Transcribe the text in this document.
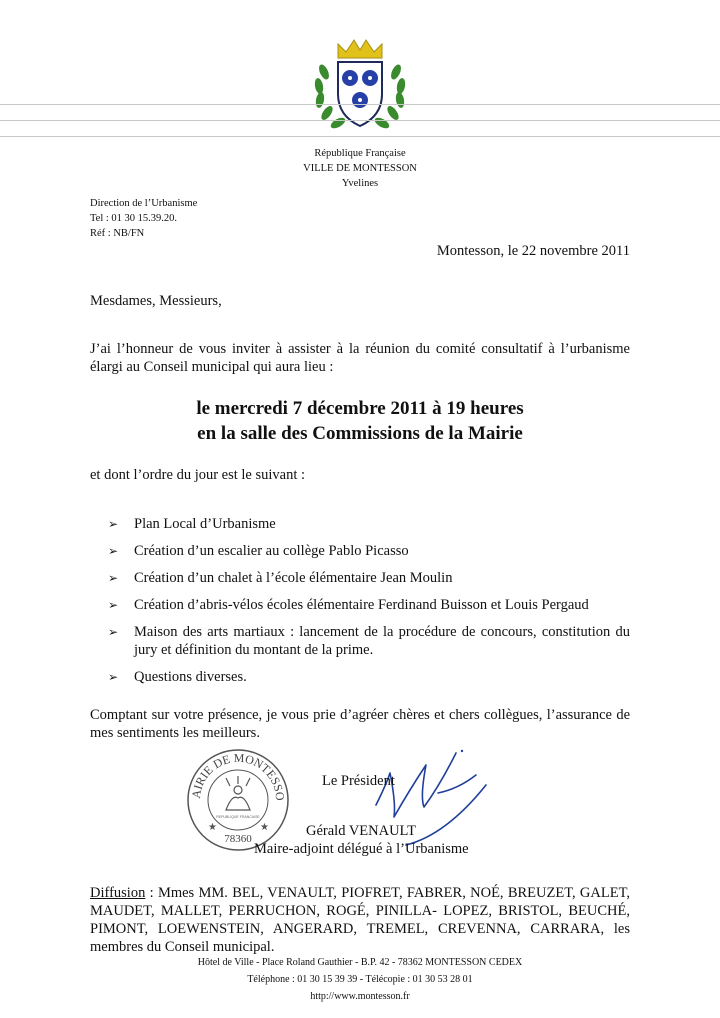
République Française
VILLE DE MONTESSON
Yvelines
Direction de l’Urbanisme
Tel : 01 30 15.39.20.
Réf : NB/FN
Montesson, le 22 novembre 2011
Mesdames, Messieurs,
J’ai l’honneur de vous inviter à assister à la réunion du comité consultatif à l’urbanisme élargi au Conseil municipal qui aura lieu :
le mercredi 7 décembre 2011 à 19 heures
en la salle des Commissions de la Mairie
et dont l’ordre du jour est le suivant :
➢ Plan Local d’Urbanisme
➢ Création d’un escalier au collège Pablo Picasso
➢ Création d’un chalet à l’école élémentaire Jean Moulin
➢ Création d’abris-vélos écoles élémentaire Ferdinand Buisson et Louis Pergaud
➢ Maison des arts martiaux : lancement de la procédure de concours, constitution du jury et définition du montant de la prime.
➢ Questions diverses.
Comptant sur votre présence, je vous prie d’agréer chères et chers collègues, l’assurance de mes sentiments les meilleurs.
AIRIE DE MONTESSO
78360
REPUBLIQUE FRANCAISE
★	★
Le Président
Gérald VENAULT
Maire-adjoint délégué à l’Urbanisme
Diffusion : Mmes MM. BEL, VENAULT, PIOFRET, FABRER, NOÉ, BREUZET, GALET, MAUDET, MALLET, PERRUCHON, ROGÉ, PINILLA- LOPEZ, BRISTOL, BEUCHÉ, PIMONT, LOEWENSTEIN, ANGERARD, TREMEL, CREVENNA, CARRARA, les membres du Conseil municipal.
Hôtel de Ville - Place Roland Gauthier - B.P. 42 - 78362 MONTESSON CEDEX
Téléphone : 01 30 15 39 39 - Télécopie : 01 30 53 28 01
http://www.montesson.fr
